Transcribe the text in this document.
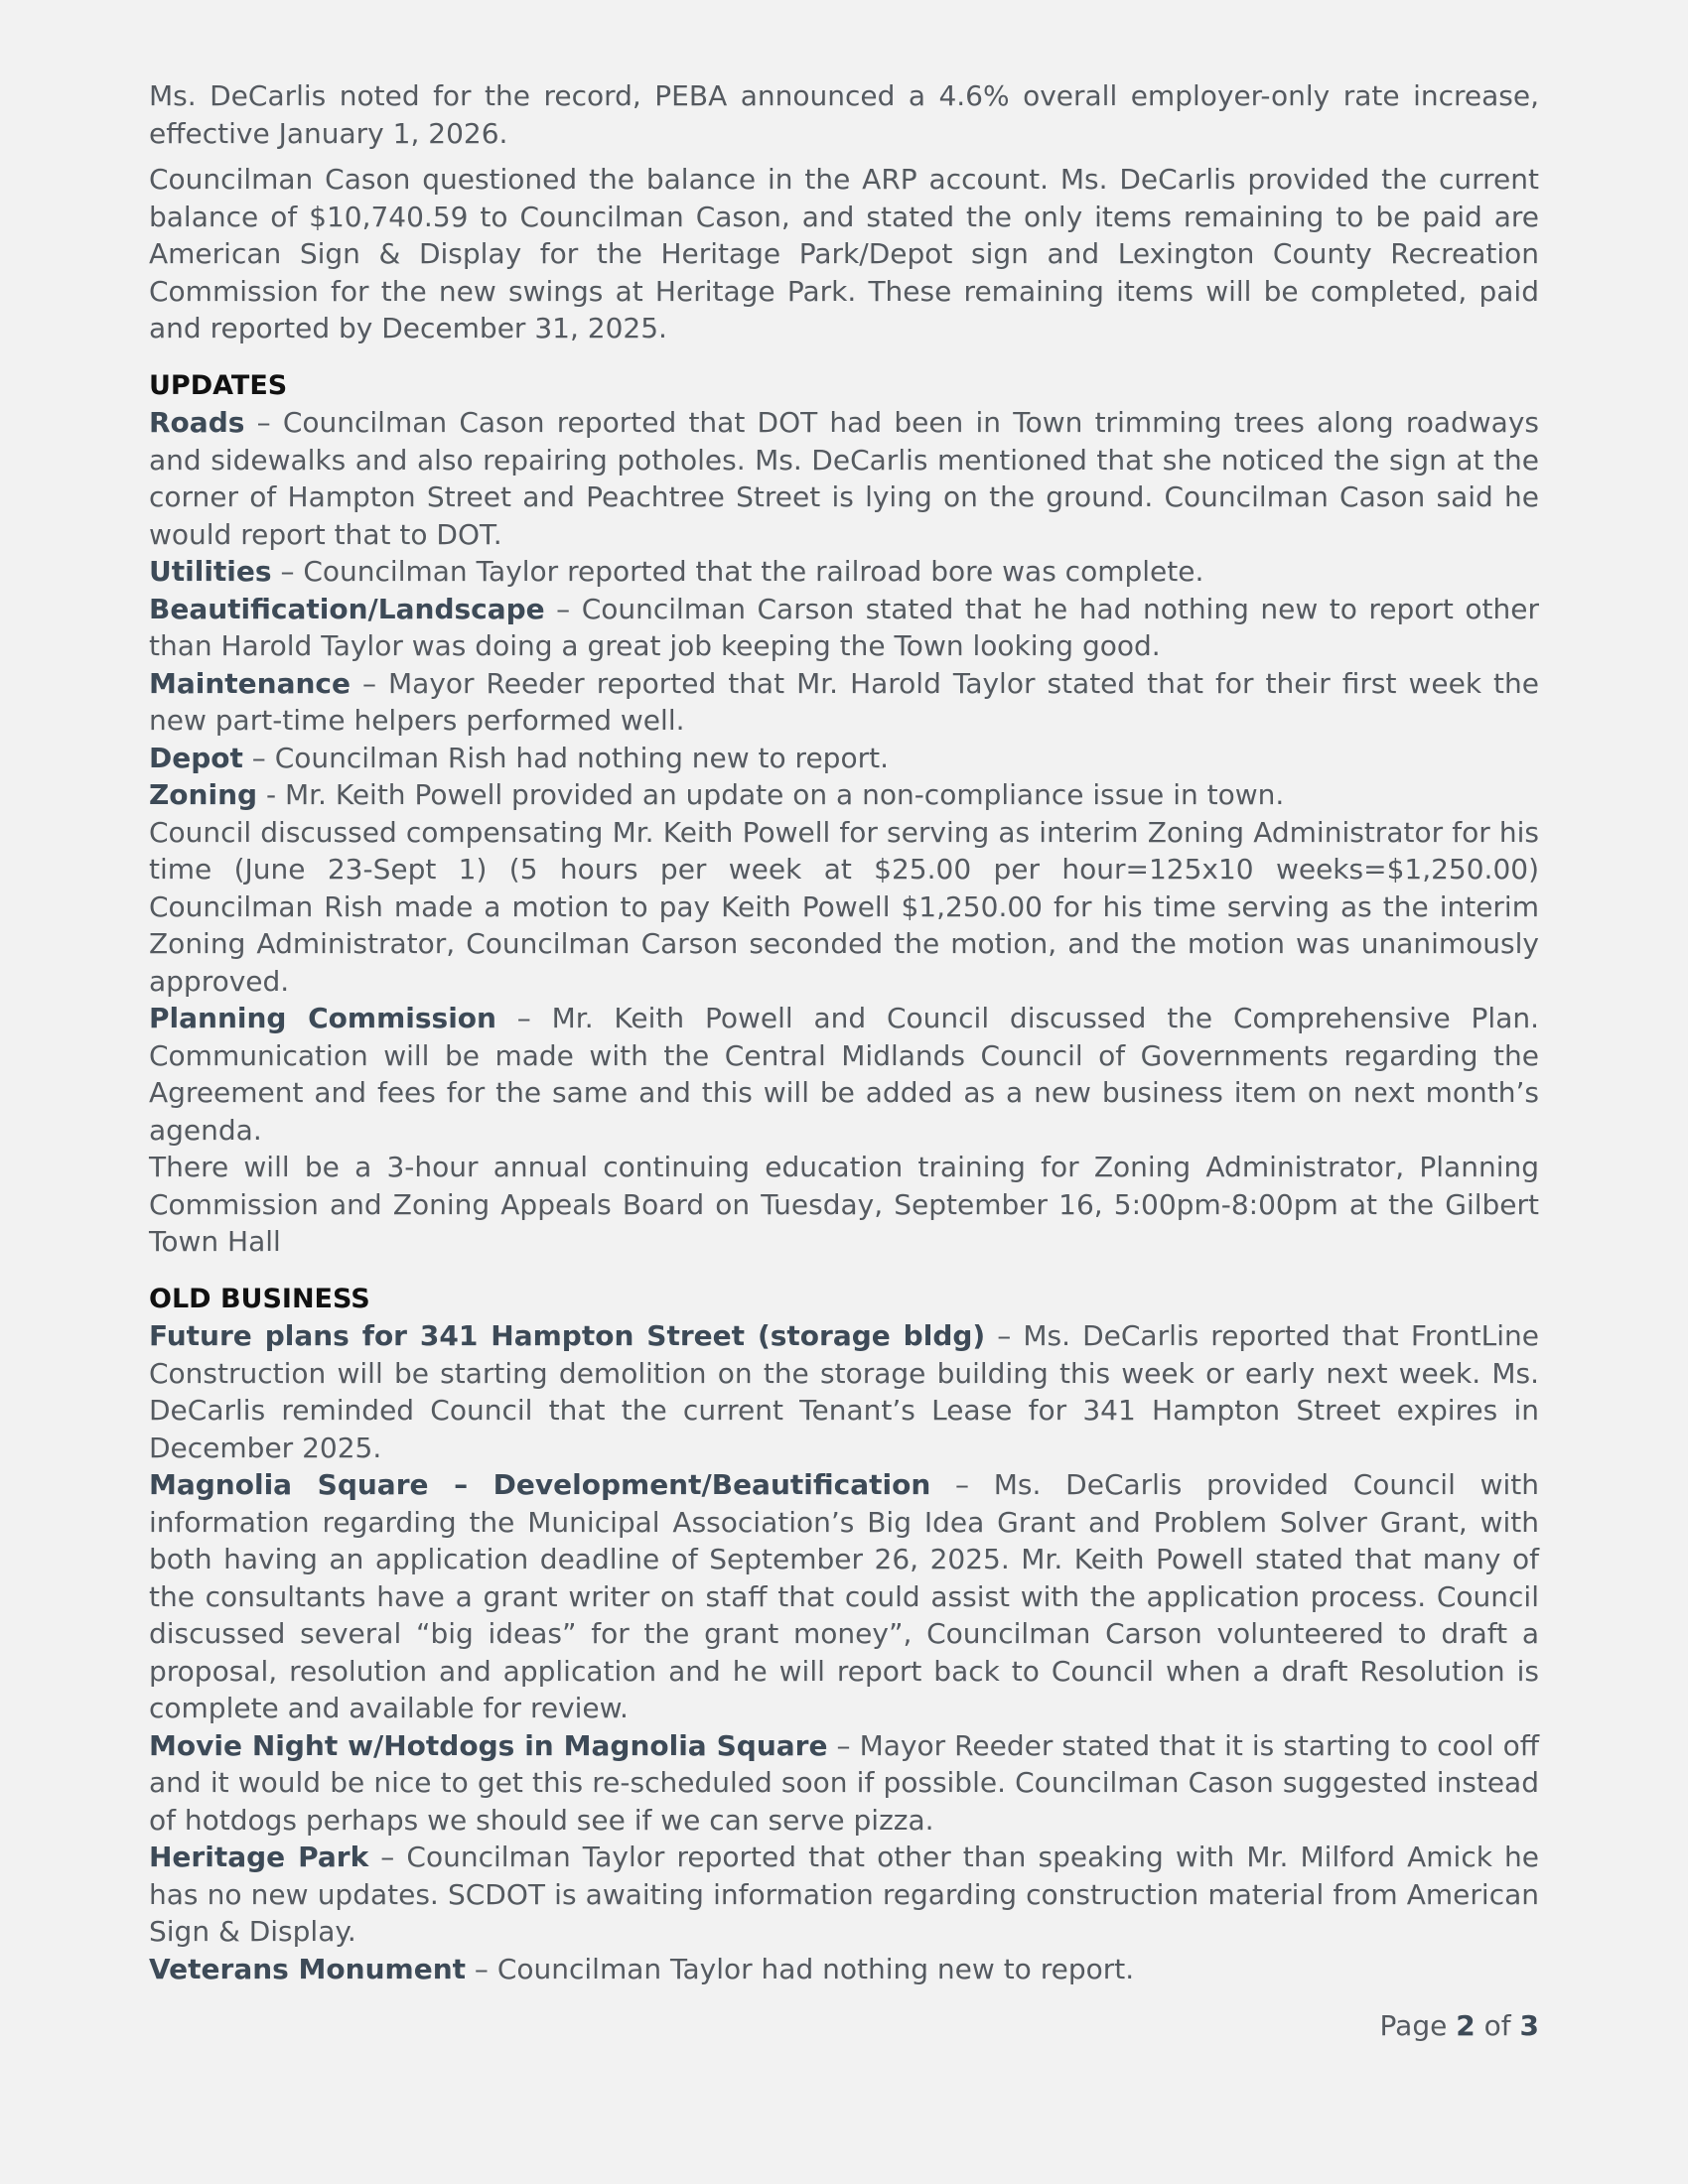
Ms. DeCarlis noted for the record, PEBA announced a 4.6% overall employer-only rate increase, effective January 1, 2026.

Councilman Cason questioned the balance in the ARP account. Ms. DeCarlis provided the current balance of $10,740.59 to Councilman Cason, and stated the only items remaining to be paid are American Sign & Display for the Heritage Park/Depot sign and Lexington County Recreation Commission for the new swings at Heritage Park. These remaining items will be completed, paid and reported by December 31, 2025.

UPDATES

Roads – Councilman Cason reported that DOT had been in Town trimming trees along roadways and sidewalks and also repairing potholes. Ms. DeCarlis mentioned that she noticed the sign at the corner of Hampton Street and Peachtree Street is lying on the ground. Councilman Cason said he would report that to DOT.

Utilities – Councilman Taylor reported that the railroad bore was complete.

Beautification/Landscape – Councilman Carson stated that he had nothing new to report other than Harold Taylor was doing a great job keeping the Town looking good.

Maintenance – Mayor Reeder reported that Mr. Harold Taylor stated that for their first week the new part-time helpers performed well.

Depot – Councilman Rish had nothing new to report.

Zoning - Mr. Keith Powell provided an update on a non-compliance issue in town.

Council discussed compensating Mr. Keith Powell for serving as interim Zoning Administrator for his time (June 23-Sept 1) (5 hours per week at $25.00 per hour=125x10 weeks=$1,250.00) Councilman Rish made a motion to pay Keith Powell $1,250.00 for his time serving as the interim Zoning Administrator, Councilman Carson seconded the motion, and the motion was unanimously approved.

Planning Commission – Mr. Keith Powell and Council discussed the Comprehensive Plan. Communication will be made with the Central Midlands Council of Governments regarding the Agreement and fees for the same and this will be added as a new business item on next month’s agenda.

There will be a 3-hour annual continuing education training for Zoning Administrator, Planning Commission and Zoning Appeals Board on Tuesday, September 16, 5:00pm-8:00pm at the Gilbert Town Hall

OLD BUSINESS

Future plans for 341 Hampton Street (storage bldg) – Ms. DeCarlis reported that FrontLine Construction will be starting demolition on the storage building this week or early next week. Ms. DeCarlis reminded Council that the current Tenant’s Lease for 341 Hampton Street expires in December 2025.

Magnolia Square – Development/Beautification – Ms. DeCarlis provided Council with information regarding the Municipal Association’s Big Idea Grant and Problem Solver Grant, with both having an application deadline of September 26, 2025. Mr. Keith Powell stated that many of the consultants have a grant writer on staff that could assist with the application process. Council discussed several “big ideas” for the grant money”, Councilman Carson volunteered to draft a proposal, resolution and application and he will report back to Council when a draft Resolution is complete and available for review.

Movie Night w/Hotdogs in Magnolia Square – Mayor Reeder stated that it is starting to cool off and it would be nice to get this re-scheduled soon if possible. Councilman Cason suggested instead of hotdogs perhaps we should see if we can serve pizza.

Heritage Park – Councilman Taylor reported that other than speaking with Mr. Milford Amick he has no new updates. SCDOT is awaiting information regarding construction material from American Sign & Display.

Veterans Monument – Councilman Taylor had nothing new to report.

Page 2 of 3
